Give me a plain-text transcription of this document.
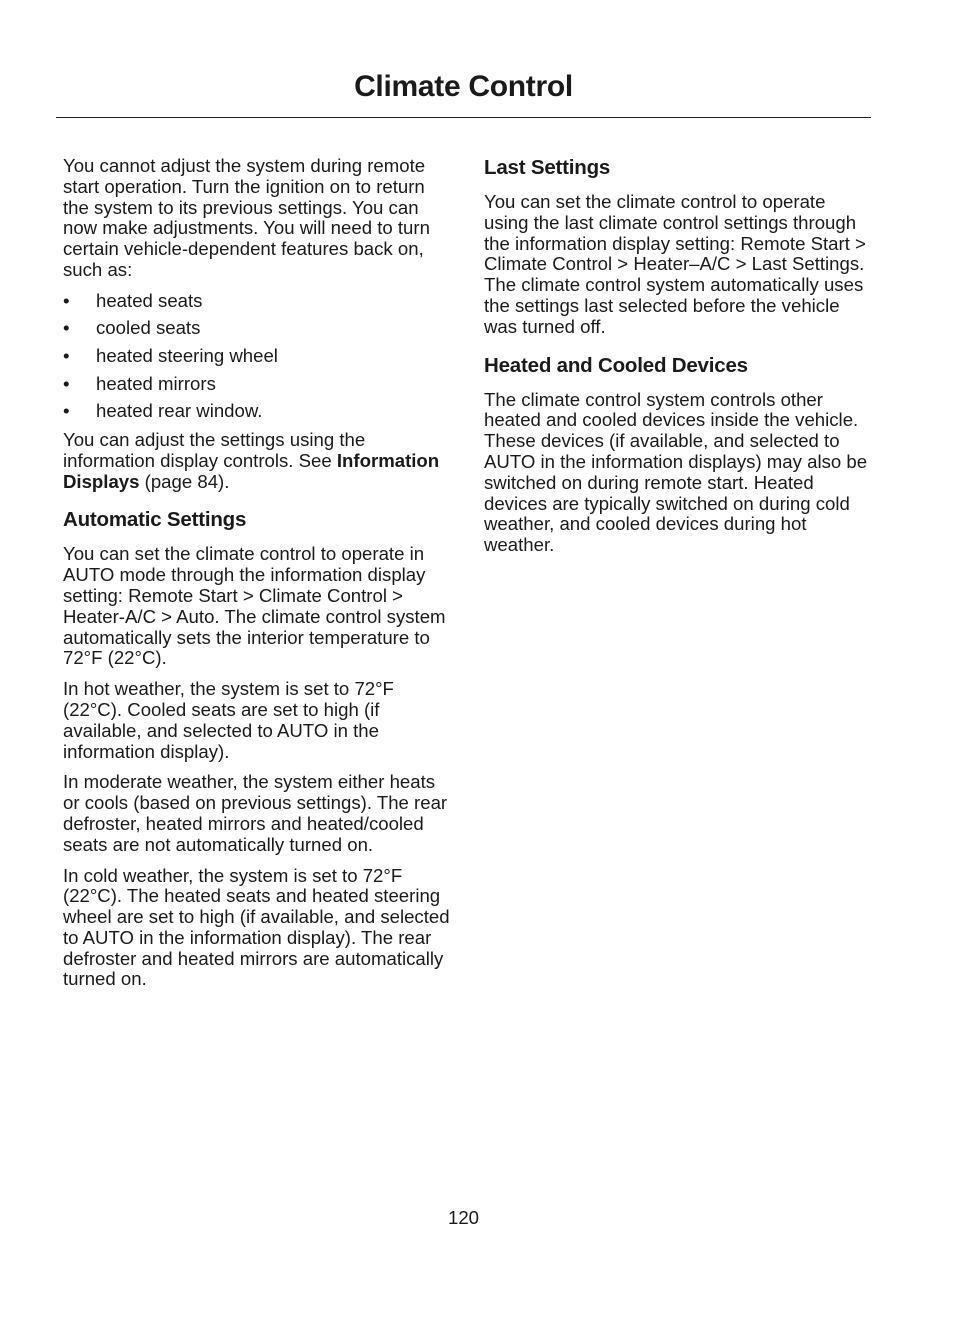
Climate Control

You cannot adjust the system during remote start operation. Turn the ignition on to return the system to its previous settings. You can now make adjustments. You will need to turn certain vehicle-dependent features back on, such as:

• heated seats
• cooled seats
• heated steering wheel
• heated mirrors
• heated rear window.

You can adjust the settings using the information display controls. See Information Displays (page 84).

Automatic Settings

You can set the climate control to operate in AUTO mode through the information display setting: Remote Start > Climate Control > Heater-A/C > Auto. The climate control system automatically sets the interior temperature to 72°F (22°C).

In hot weather, the system is set to 72°F (22°C). Cooled seats are set to high (if available, and selected to AUTO in the information display).

In moderate weather, the system either heats or cools (based on previous settings). The rear defroster, heated mirrors and heated/cooled seats are not automatically turned on.

In cold weather, the system is set to 72°F (22°C). The heated seats and heated steering wheel are set to high (if available, and selected to AUTO in the information display). The rear defroster and heated mirrors are automatically turned on.

Last Settings

You can set the climate control to operate using the last climate control settings through the information display setting: Remote Start > Climate Control > Heater–A/C > Last Settings. The climate control system automatically uses the settings last selected before the vehicle was turned off.

Heated and Cooled Devices

The climate control system controls other heated and cooled devices inside the vehicle. These devices (if available, and selected to AUTO in the information displays) may also be switched on during remote start. Heated devices are typically switched on during cold weather, and cooled devices during hot weather.

120
